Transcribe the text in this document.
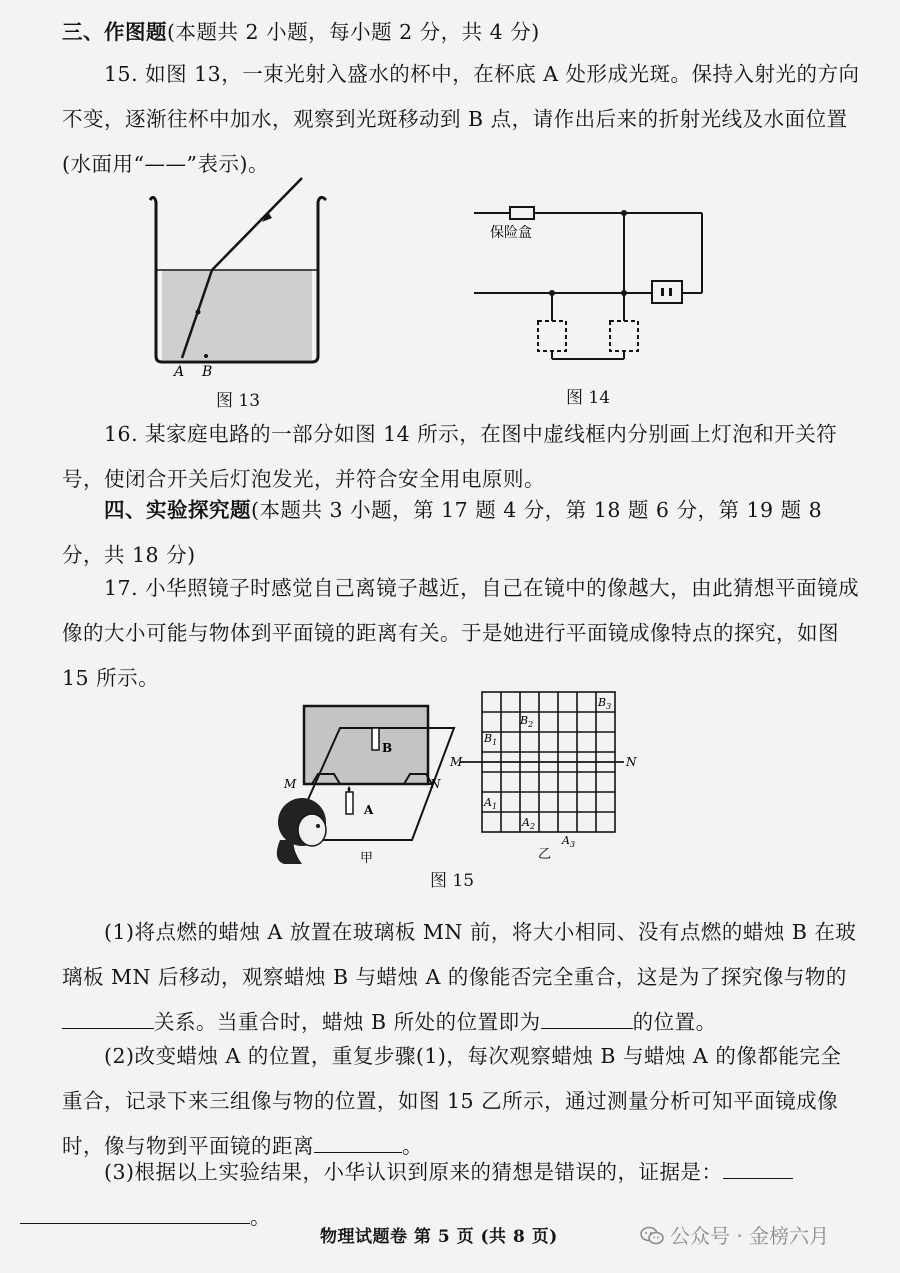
三、作图题(本题共 2 小题，每小题 2 分，共 4 分)
15. 如图 13，一束光射入盛水的杯中，在杯底 A 处形成光斑。保持入射光的方向不变，逐渐往杯中加水，观察到光斑移动到 B 点，请作出后来的折射光线及水面位置(水面用“——”表示)。
A B
图 13
保险盒
图 14
16. 某家庭电路的一部分如图 14 所示，在图中虚线框内分别画上灯泡和开关符号，使闭合开关后灯泡发光，并符合安全用电原则。
四、实验探究题(本题共 3 小题，第 17 题 4 分，第 18 题 6 分，第 19 题 8 分，共 18 分)
17. 小华照镜子时感觉自己离镜子越近，自己在镜中的像越大，由此猜想平面镜成像的大小可能与物体到平面镜的距离有关。于是她进行平面镜成像特点的探究，如图 15 所示。
B
M	N
A
甲
M	N
$B_3$
$B_2$
$B_1$
$A_1$
$A_2$
$A_3$
乙
图 15
(1)将点燃的蜡烛 A 放置在玻璃板 MN 前，将大小相同、没有点燃的蜡烛 B 在玻璃板 MN 后移动，观察蜡烛 B 与蜡烛 A 的像能否完全重合，这是为了探究像与物的关系。当重合时，蜡烛 B 所处的位置即为	的位置。
(2)改变蜡烛 A 的位置，重复步骤(1)，每次观察蜡烛 B 与蜡烛 A 的像都能完全重合，记录下来三组像与物的位置，如图 15 乙所示，通过测量分析可知平面镜成像时，像与物到平面镜的距离	。
(3)根据以上实验结果，小华认识到原来的猜想是错误的，证据是：
。
物理试题卷 第 5 页 (共 8 页)	公众号 · 金榜六月
